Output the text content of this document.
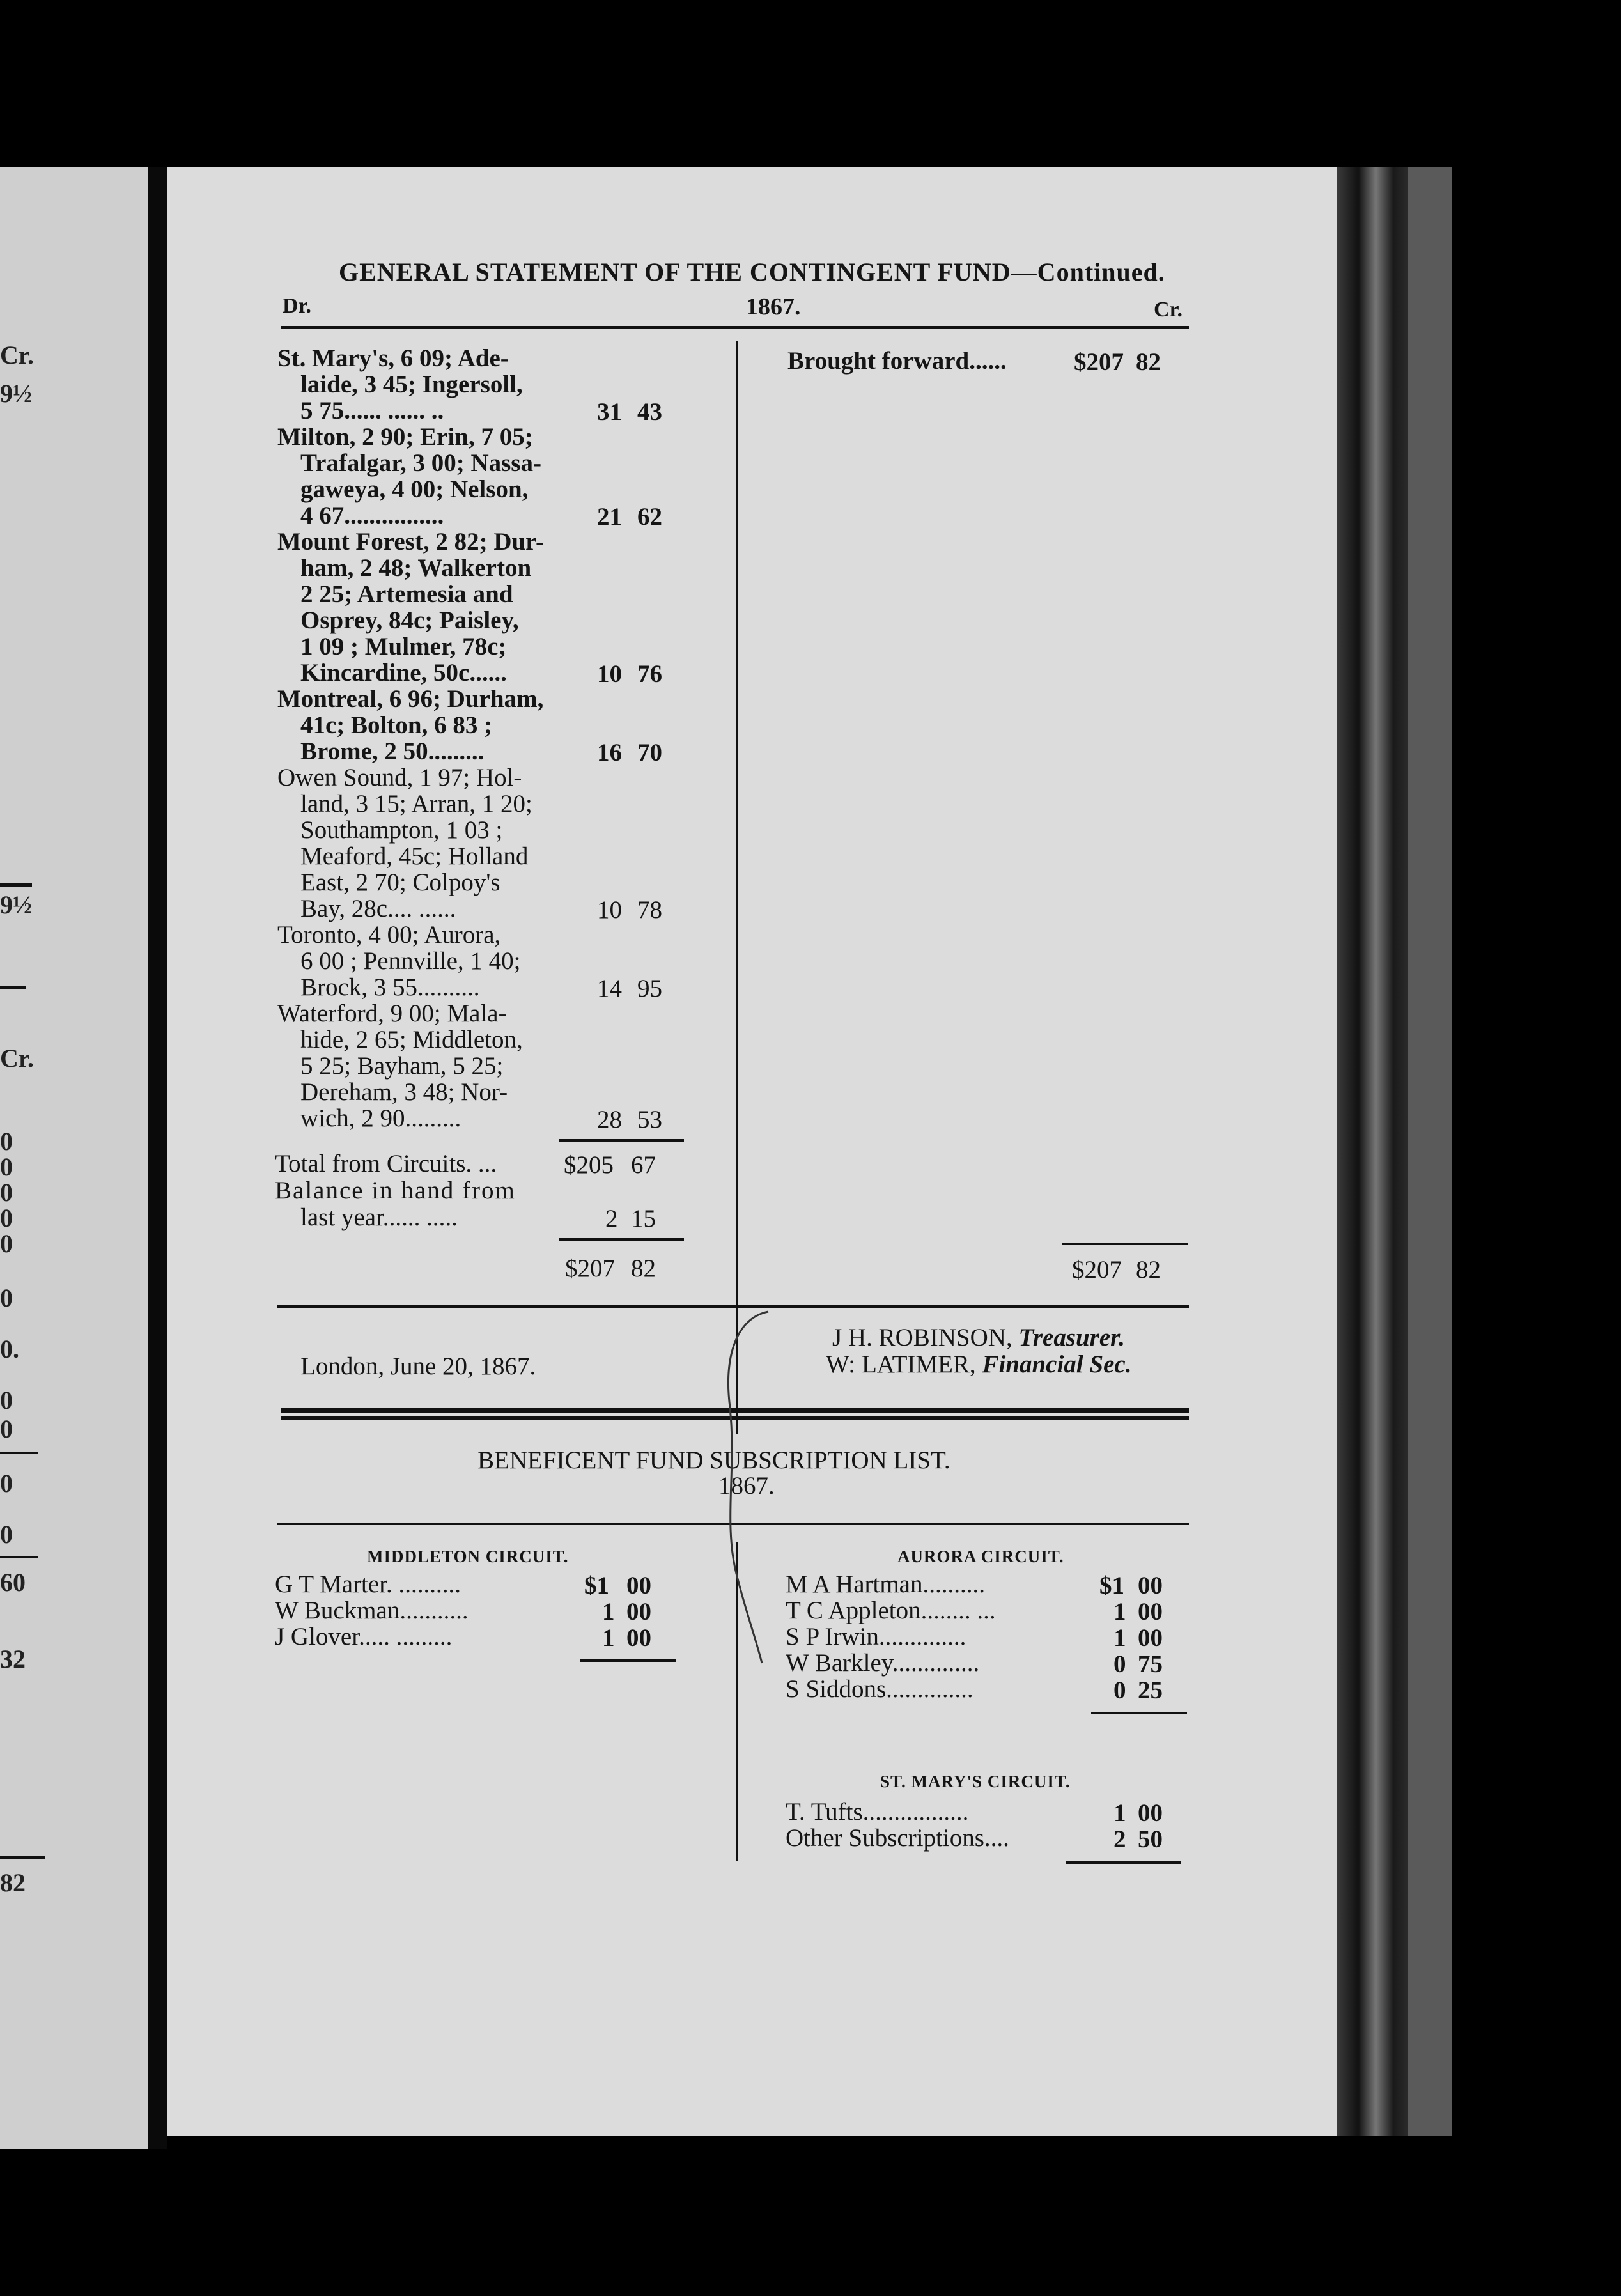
Cr.
9½
9½
Cr.
0
0
0
0
0
0
0.
0
0
0
0
60
32
82
GENERAL STATEMENT OF THE CONTINGENT FUND—Continued.
Dr.	1867.	Cr.
St. Mary's, 6 09; Ade-
laide, 3 45; Ingersoll,
5 75...... ...... ..	31 43
Milton, 2 90; Erin, 7 05;
Trafalgar, 3 00; Nassa-
gaweya, 4 00; Nelson,
4 67................	21 62
Mount Forest, 2 82; Dur-
ham, 2 48; Walkerton
2 25; Artemesia and
Osprey, 84c; Paisley,
1 09 ; Mulmer, 78c;
Kincardine, 50c......	10 76
Montreal, 6 96; Durham,
41c; Bolton, 6 83 ;
Brome, 2 50.........	16 70
Owen Sound, 1 97; Hol-
land, 3 15; Arran, 1 20;
Southampton, 1 03 ;
Meaford, 45c; Holland
East, 2 70; Colpoy's
Bay, 28c.... ......	10 78
Toronto, 4 00; Aurora,
6 00 ; Pennville, 1 40;
Brock, 3 55..........	14 95
Waterford, 9 00; Mala-
hide, 2 65; Middleton,
5 25; Bayham, 5 25;
Dereham, 3 48; Nor-
wich, 2 90.........	28 53
Total from Circuits. ...	$205 67
Balance in hand from
last year...... .....	2 15
$207 82
Brought forward......	$207 82
$207 82
London, June 20, 1867.
J H. ROBINSON, Treasurer.
W: LATIMER, Financial Sec.
BENEFICENT FUND SUBSCRIPTION LIST.
1867.
MIDDLETON CIRCUIT.
G T Marter. ..........	$1 00
W Buckman...........	1 00
J Glover..... .........	1 00
AURORA CIRCUIT.
M A Hartman..........	$1 00
T C Appleton........ ...	1 00
S P Irwin..............	1 00
W Barkley..............	0 75
S Siddons..............	0 25
ST. MARY'S CIRCUIT.
T. Tufts.................	1 00
Other Subscriptions....	2 50
